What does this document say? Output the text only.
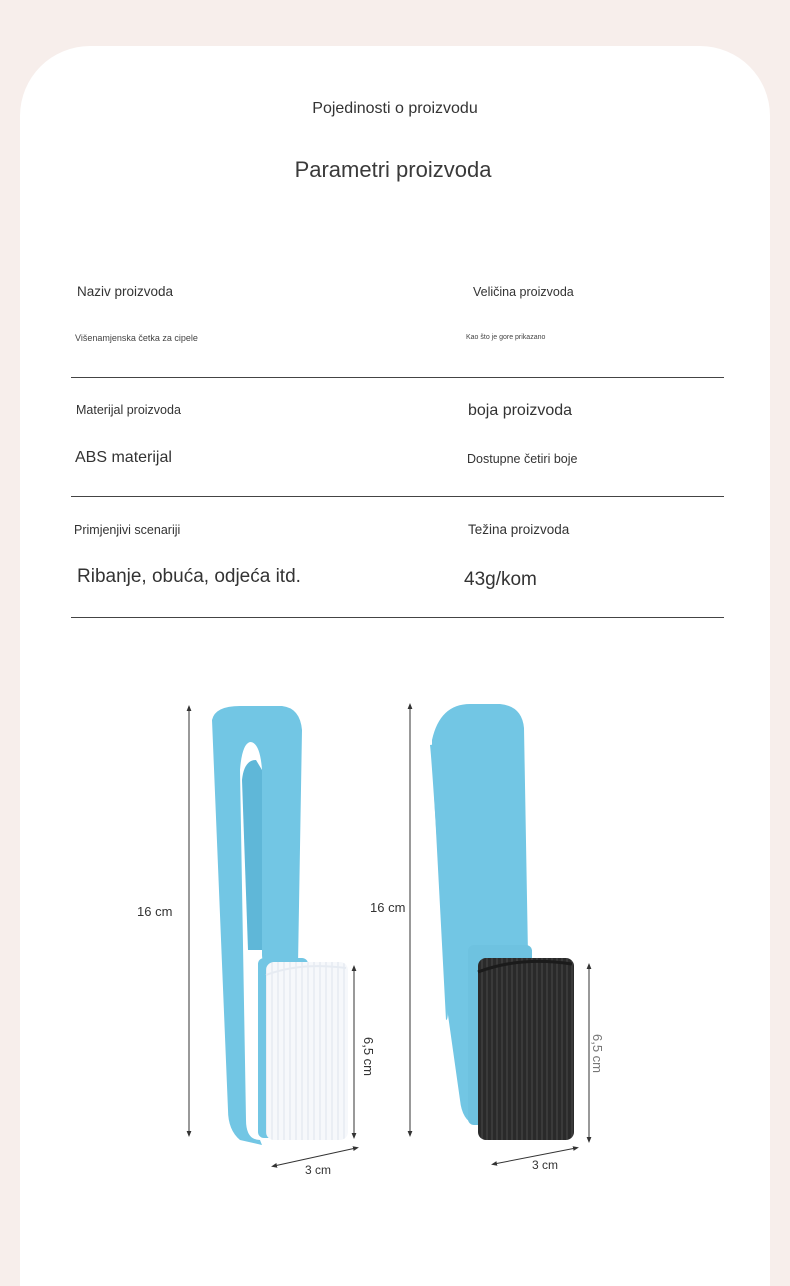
Pojedinosti o proizvodu
Parametri proizvoda
Naziv proizvoda	Veličina proizvoda
Višenamjenska četka za cipele	Kao što je gore prikazano
Materijal proizvoda	boja proizvoda
ABS materijal	Dostupne četiri boje
Primjenjivi scenariji	Težina proizvoda
Ribanje, obuća, odjeća itd.	43g/kom
16 cm
6,5 cm
3 cm
16 cm
6,5 cm
3 cm
